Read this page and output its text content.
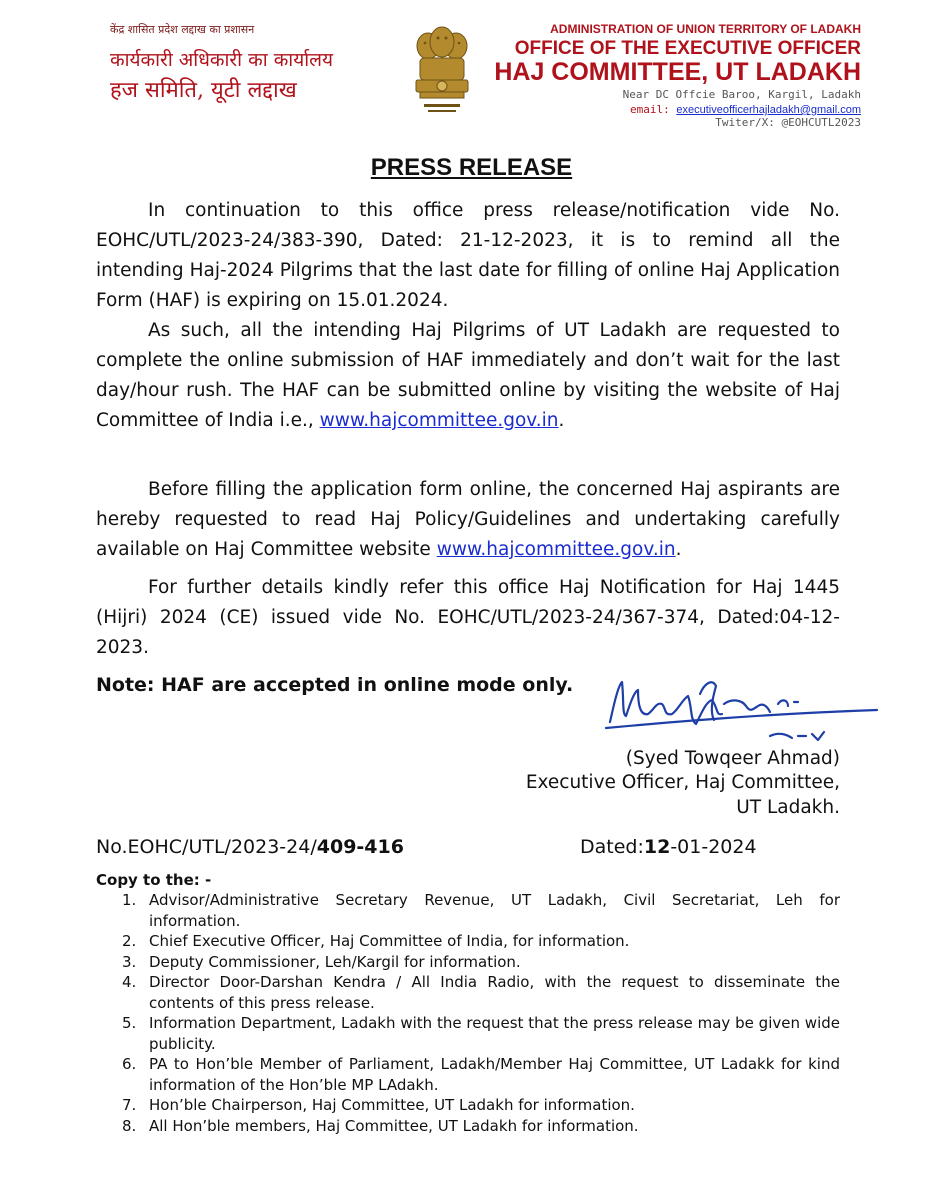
केंद्र शासित प्रदेश लद्दाख का प्रशासन
कार्यकारी अधिकारी का कार्यालय
हज समिति, यूटी लद्दाख
ADMINISTRATION OF UNION TERRITORY OF LADAKH
OFFICE OF THE EXECUTIVE OFFICER
HAJ COMMITTEE, UT LADAKH
Near DC Offcie Baroo, Kargil, Ladakh
email: executiveofficerhajladakh@gmail.com
Twiter/X: @EOHCUTL2023
PRESS RELEASE

In continuation to this office press release/notification vide No. EOHC/UTL/2023-24/383-390, Dated: 21-12-2023, it is to remind all the intending Haj-2024 Pilgrims that the last date for filling of online Haj Application Form (HAF) is expiring on 15.01.2024.

As such, all the intending Haj Pilgrims of UT Ladakh are requested to complete the online submission of HAF immediately and don’t wait for the last day/hour rush. The HAF can be submitted online by visiting the website of Haj Committee of India i.e., www.hajcommittee.gov.in.

Before filling the application form online, the concerned Haj aspirants are hereby requested to read Haj Policy/Guidelines and undertaking carefully available on Haj Committee website www.hajcommittee.gov.in.

For further details kindly refer this office Haj Notification for Haj 1445 (Hijri) 2024 (CE) issued vide No. EOHC/UTL/2023-24/367-374, Dated:04-12-2023.

Note: HAF are accepted in online mode only.
(Syed Towqeer Ahmad)
Executive Officer, Haj Committee,
UT Ladakh.
No.EOHC/UTL/2023-24/409-416	Dated:12-01-2024
Copy to the: -
1. Advisor/Administrative Secretary Revenue, UT Ladakh, Civil Secretariat, Leh for information.
2. Chief Executive Officer, Haj Committee of India, for information.
3. Deputy Commissioner, Leh/Kargil for information.
4. Director Door-Darshan Kendra / All India Radio, with the request to disseminate the contents of this press release.
5. Information Department, Ladakh with the request that the press release may be given wide publicity.
6. PA to Hon’ble Member of Parliament, Ladakh/Member Haj Committee, UT Ladakk for kind information of the Hon’ble MP LAdakh.
7. Hon’ble Chairperson, Haj Committee, UT Ladakh for information.
8. All Hon’ble members, Haj Committee, UT Ladakh for information.
